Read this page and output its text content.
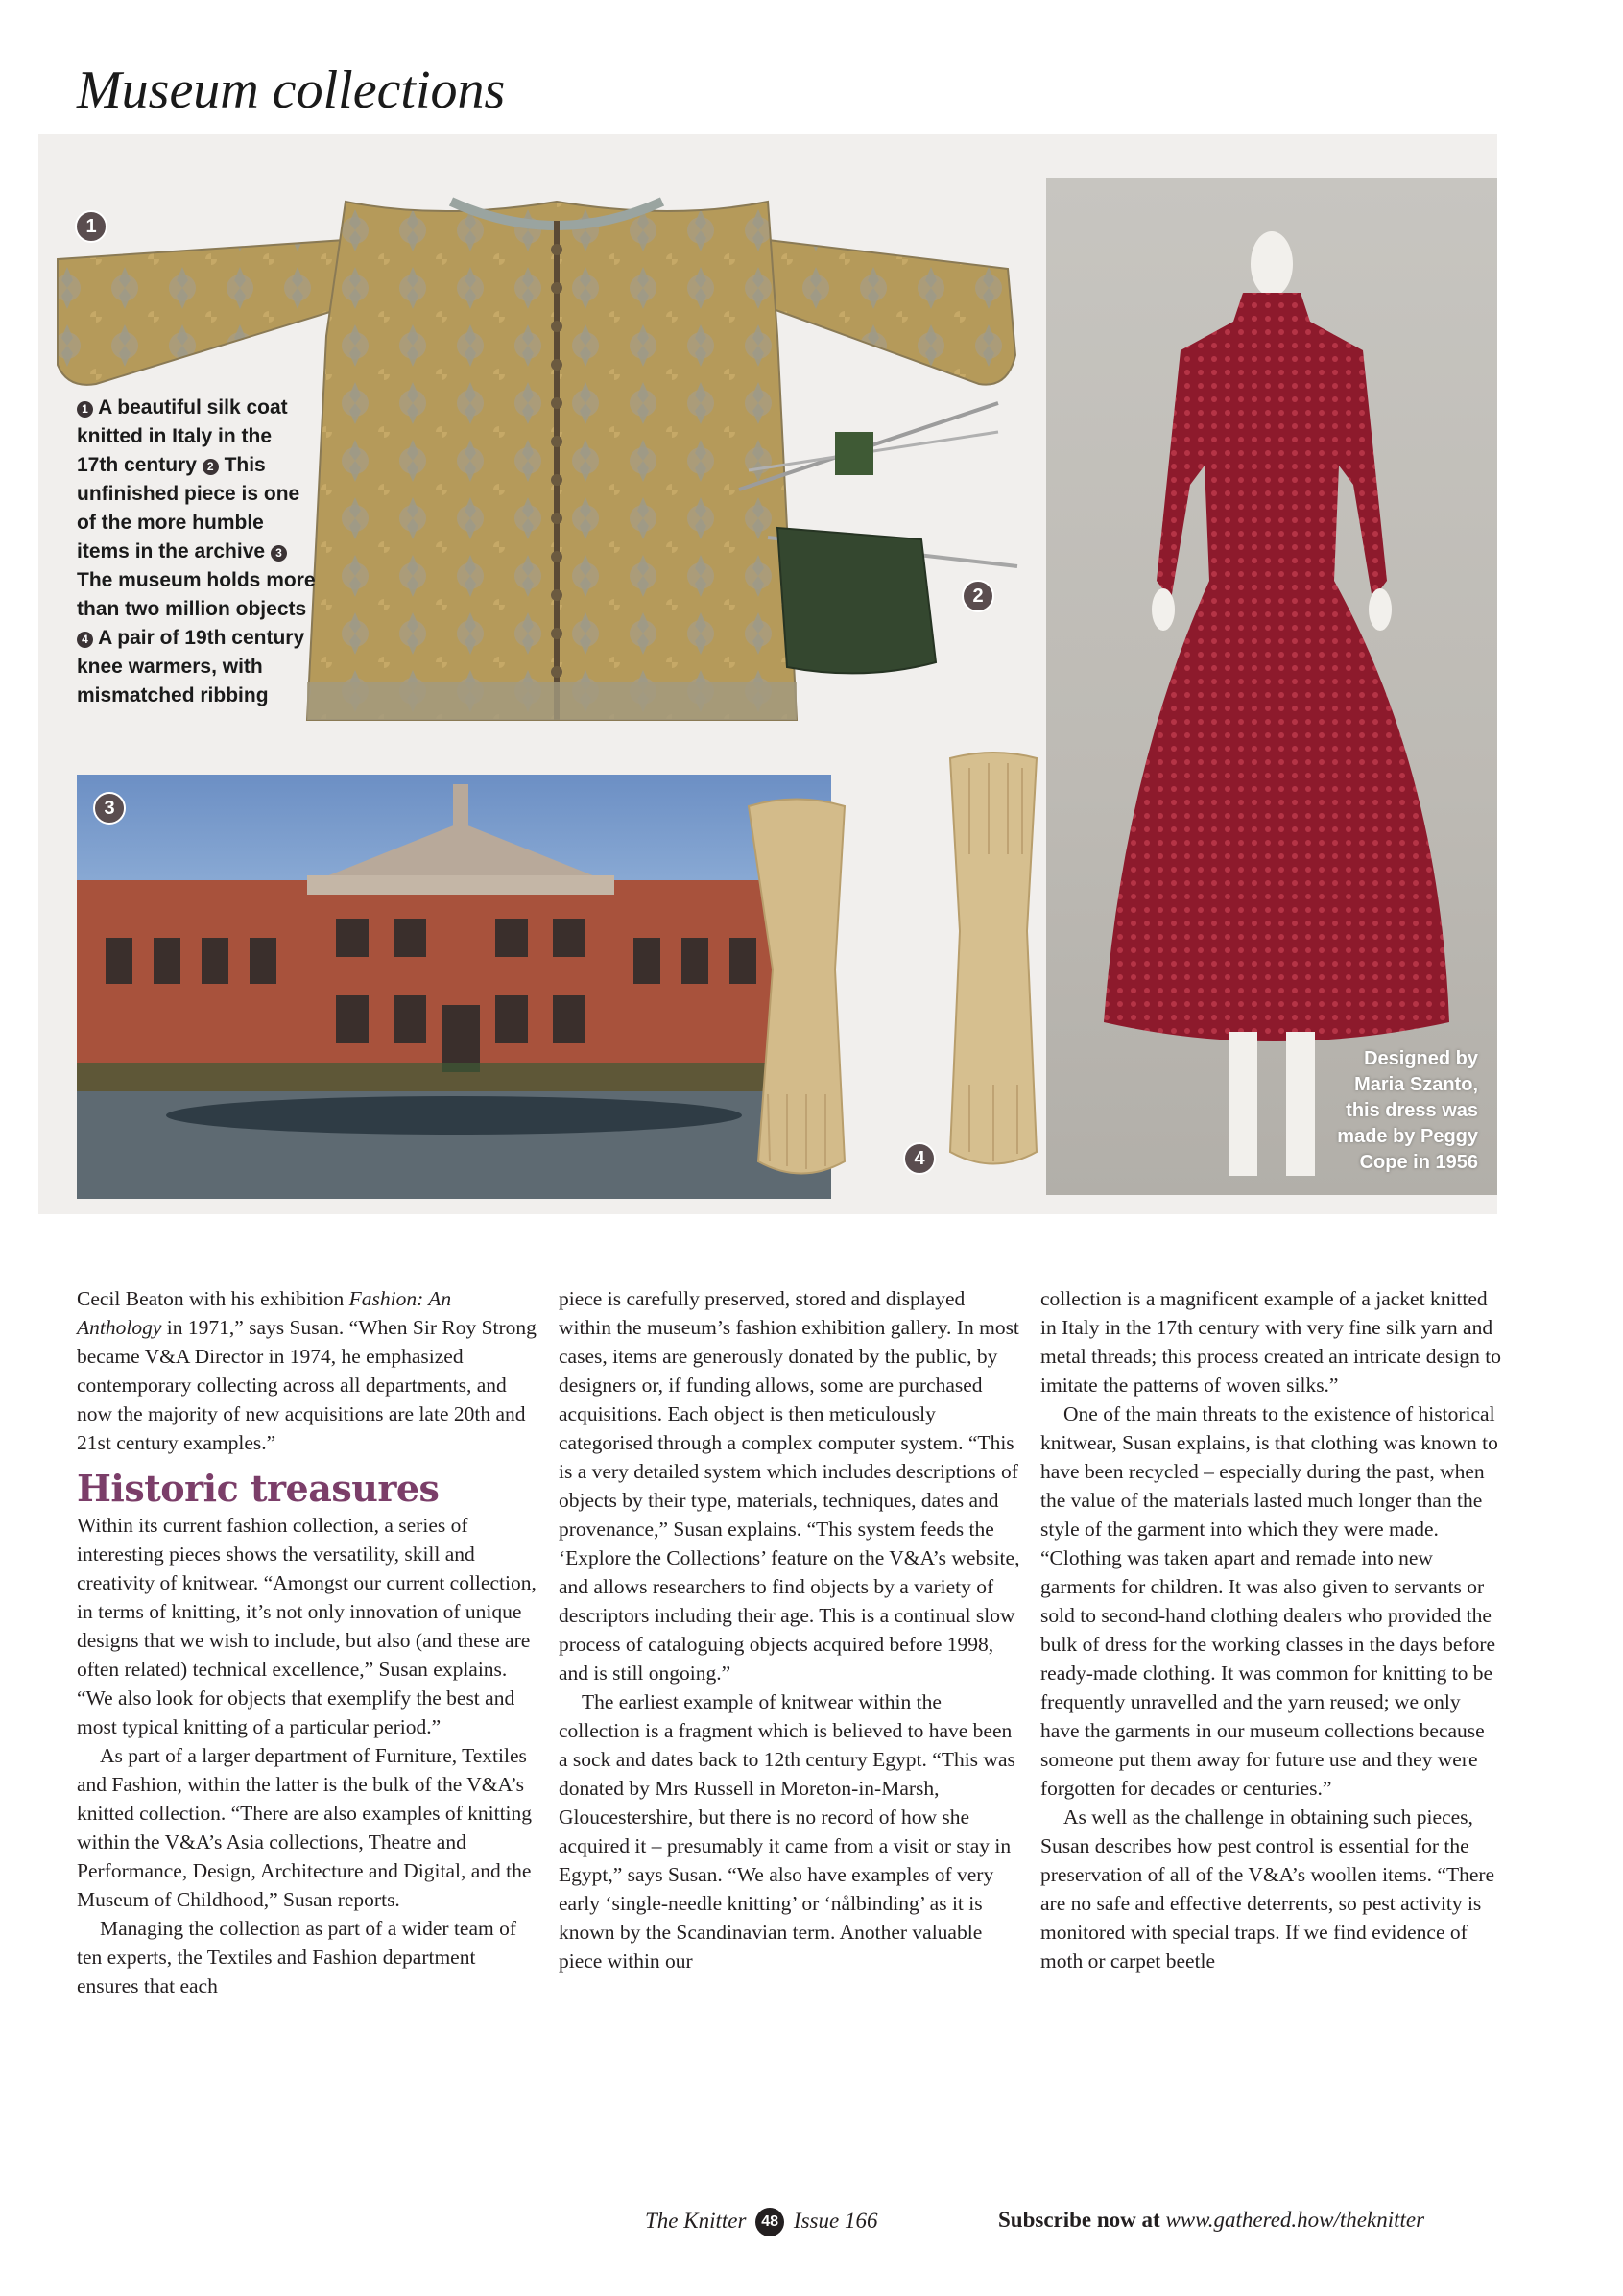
Museum collections
1
2
3
4
1 A beautiful silk coat knitted in Italy in the 17th century 2 This unfinished piece is one of the more humble items in the archive 3 The museum holds more than two million objects 4 A pair of 19th century knee warmers, with mismatched ribbing
Designed by Maria Szanto, this dress was made by Peggy Cope in 1956

Cecil Beaton with his exhibition Fashion: An Anthology in 1971,” says Susan. “When Sir Roy Strong became V&A Director in 1974, he emphasized contemporary collecting across all departments, and now the majority of new acquisitions are late 20th and 21st century examples.”

Historic treasures

Within its current fashion collection, a series of interesting pieces shows the versatility, skill and creativity of knitwear. “Amongst our current collection, in terms of knitting, it’s not only innovation of unique designs that we wish to include, but also (and these are often related) technical excellence,” Susan explains. “We also look for objects that exemplify the best and most typical knitting of a particular period.”

As part of a larger department of Furniture, Textiles and Fashion, within the latter is the bulk of the V&A’s knitted collection. “There are also examples of knitting within the V&A’s Asia collections, Theatre and Performance, Design, Architecture and Digital, and the Museum of Childhood,” Susan reports.

Managing the collection as part of a wider team of ten experts, the Textiles and Fashion department ensures that each

piece is carefully preserved, stored and displayed within the museum’s fashion exhibition gallery. In most cases, items are generously donated by the public, by designers or, if funding allows, some are purchased acquisitions. Each object is then meticulously categorised through a complex computer system. “This is a very detailed system which includes descriptions of objects by their type, materials, techniques, dates and provenance,” Susan explains. “This system feeds the ‘Explore the Collections’ feature on the V&A’s website, and allows researchers to find objects by a variety of descriptors including their age. This is a continual slow process of cataloguing objects acquired before 1998, and is still ongoing.”

The earliest example of knitwear within the collection is a fragment which is believed to have been a sock and dates back to 12th century Egypt. “This was donated by Mrs Russell in Moreton-in-Marsh, Gloucestershire, but there is no record of how she acquired it – presumably it came from a visit or stay in Egypt,” says Susan. “We also have examples of very early ‘single-needle knitting’ or ‘nålbinding’ as it is known by the Scandinavian term. Another valuable piece within our

collection is a magnificent example of a jacket knitted in Italy in the 17th century with very fine silk yarn and metal threads; this process created an intricate design to imitate the patterns of woven silks.”

One of the main threats to the existence of historical knitwear, Susan explains, is that clothing was known to have been recycled – especially during the past, when the value of the materials lasted much longer than the style of the garment into which they were made. “Clothing was taken apart and remade into new garments for children. It was also given to servants or sold to second-hand clothing dealers who provided the bulk of dress for the working classes in the days before ready-made clothing. It was common for knitting to be frequently unravelled and the yarn reused; we only have the garments in our museum collections because someone put them away for future use and they were forgotten for decades or centuries.”

As well as the challenge in obtaining such pieces, Susan describes how pest control is essential for the preservation of all of the V&A’s woollen items. “There are no safe and effective deterrents, so pest activity is monitored with special traps. If we find evidence of moth or carpet beetle

The Knitter 48 Issue 166	Subscribe now at www.gathered.how/theknitter
